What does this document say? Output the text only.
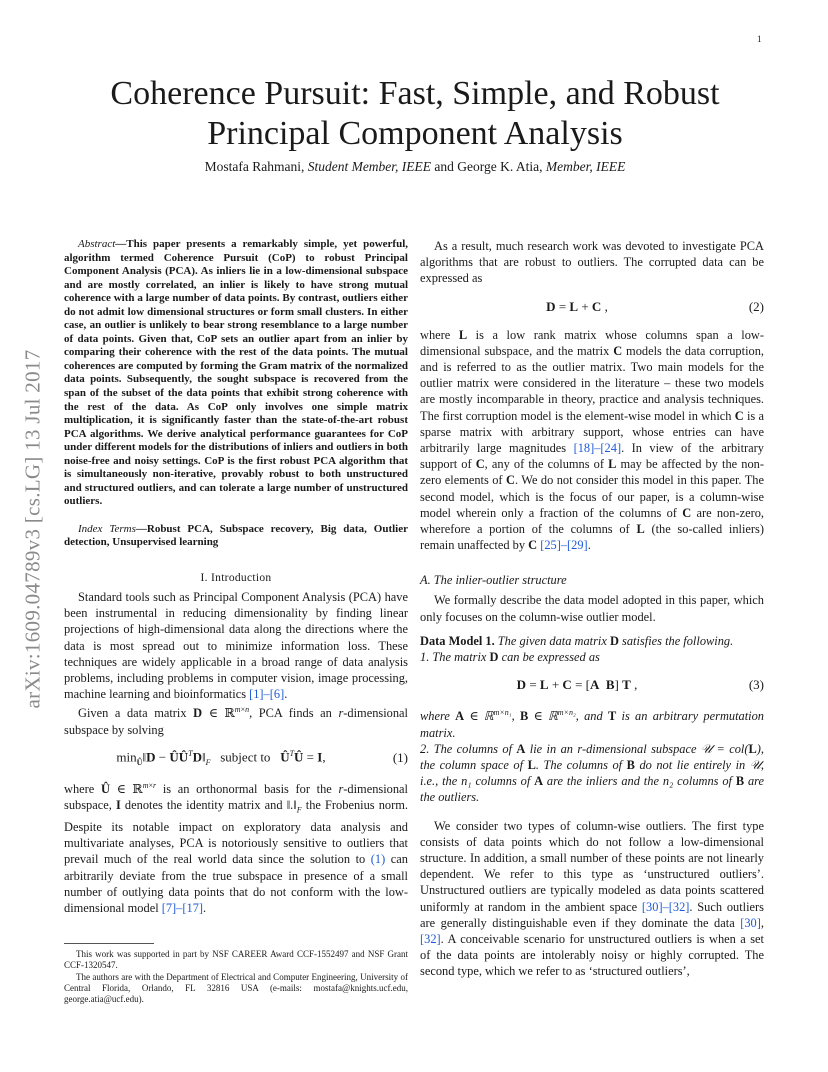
1
arXiv:1609.04789v3 [cs.LG] 13 Jul 2017
Coherence Pursuit: Fast, Simple, and Robust
Principal Component Analysis
Mostafa Rahmani, Student Member, IEEE and George K. Atia, Member, IEEE

Abstract—This paper presents a remarkably simple, yet powerful, algorithm termed Coherence Pursuit (CoP) to robust Principal Component Analysis (PCA). As inliers lie in a low-dimensional subspace and are mostly correlated, an inlier is likely to have strong mutual coherence with a large number of data points. By contrast, outliers either do not admit low dimensional structures or form small clusters. In either case, an outlier is unlikely to bear strong resemblance to a large number of data points. Given that, CoP sets an outlier apart from an inlier by comparing their coherence with the rest of the data points. The mutual coherences are computed by forming the Gram matrix of the normalized data points. Subsequently, the sought subspace is recovered from the span of the subset of the data points that exhibit strong coherence with the rest of the data. As CoP only involves one simple matrix multiplication, it is significantly faster than the state-of-the-art robust PCA algorithms. We derive analytical performance guarantees for CoP under different models for the distributions of inliers and outliers in both noise-free and noisy settings. CoP is the first robust PCA algorithm that is simultaneously non-iterative, provably robust to both unstructured and structured outliers, and can tolerate a large number of unstructured outliers.

Index Terms—Robust PCA, Subspace recovery, Big data, Outlier detection, Unsupervised learning

I. Introduction

Standard tools such as Principal Component Analysis (PCA) have been instrumental in reducing dimensionality by finding linear projections of high-dimensional data along the directions where the data is most spread out to minimize information loss. These techniques are widely applicable in a broad range of data analysis problems, including problems in computer vision, image processing, machine learning and bioinformatics [1]–[6].

Given a data matrix D ∈ ℝ$^{m\times n}$, PCA finds an r-dimensional subspace by solving

$\min_Û‖D$ − $ÛÛ^TD‖_F$   subject to   $Û^TÛ = I$,	(1)

where Û ∈ ℝ$^{m\times r}$ is an orthonormal basis for the r-dimensional subspace, I denotes the identity matrix and $‖.‖_F$ the Frobenius norm. Despite its notable impact on exploratory data analysis and multivariate analyses, PCA is notoriously sensitive to outliers that prevail much of the real world data since the solution to (1) can arbitrarily deviate from the true subspace in presence of a small number of outlying data points that do not conform with the low-dimensional model [7]–[17].

This work was supported in part by NSF CAREER Award CCF-1552497 and NSF Grant CCF-1320547.

The authors are with the Department of Electrical and Computer Engineering, University of Central Florida, Orlando, FL 32816 USA (e-mails: mostafa@knights.ucf.edu, george.atia@ucf.edu).

As a result, much research work was devoted to investigate PCA algorithms that are robust to outliers. The corrupted data can be expressed as

D = L + C ,	(2)

where L is a low rank matrix whose columns span a low-dimensional subspace, and the matrix C models the data corruption, and is referred to as the outlier matrix. Two main models for the outlier matrix were considered in the literature – these two models are mostly incomparable in theory, practice and analysis techniques. The first corruption model is the element-wise model in which C is a sparse matrix with arbitrary support, whose entries can have arbitrarily large magnitudes [18]–[24]. In view of the arbitrary support of C, any of the columns of L may be affected by the non-zero elements of C. We do not consider this model in this paper. The second model, which is the focus of our paper, is a column-wise model wherein only a fraction of the columns of C are non-zero, wherefore a portion of the columns of L (the so-called inliers) remain unaffected by C [25]–[29].

A. The inlier-outlier structure

We formally describe the data model adopted in this paper, which only focuses on the column-wise outlier model.

Data Model 1. The given data matrix D satisfies the following.
1. The matrix D can be expressed as

D = L + C = [A B] T ,	(3)

where A ∈ ℝ$^{m\times n_1}$, B ∈ ℝ$^{m\times n_2}$, and T is an arbitrary permutation matrix.
2. The columns of A lie in an r-dimensional subspace 𝒰 = col(L), the column space of L. The columns of B do not lie entirely in 𝒰, i.e., the n₁ columns of A are the inliers and the n₂ columns of B are the outliers.

We consider two types of column-wise outliers. The first type consists of data points which do not follow a low-dimensional structure. In addition, a small number of these points are not linearly dependent. We refer to this type as ‘unstructured outliers’. Unstructured outliers are typically modeled as data points scattered uniformly at random in the ambient space [30]–[32]. Such outliers are generally distinguishable even if they dominate the data [30], [32]. A conceivable scenario for unstructured outliers is when a set of the data points are intolerably noisy or highly corrupted. The second type, which we refer to as ‘structured outliers’,
